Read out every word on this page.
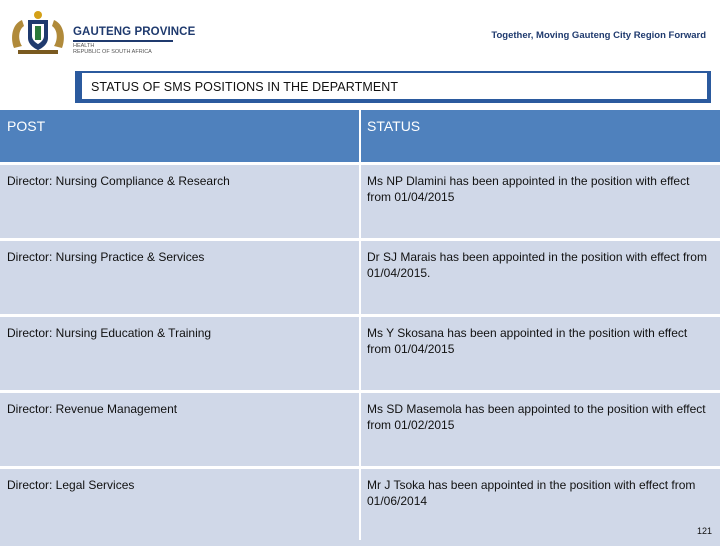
GAUTENG PROVINCE
HEALTH
REPUBLIC OF SOUTH AFRICA
Together, Moving Gauteng City Region Forward
STATUS OF SMS POSITIONS IN THE DEPARTMENT
POST	STATUS
Director: Nursing Compliance & Research	Ms NP Dlamini has been appointed in the position with effect from 01/04/2015
Director: Nursing Practice & Services	Dr SJ Marais has been appointed in the position with effect from 01/04/2015.
Director: Nursing Education & Training	Ms Y Skosana has been appointed in the position with effect from 01/04/2015
Director: Revenue Management	Ms SD Masemola has been appointed to the position with effect from 01/02/2015
Director: Legal Services	Mr J Tsoka has been appointed in the position with effect from 01/06/2014
121
